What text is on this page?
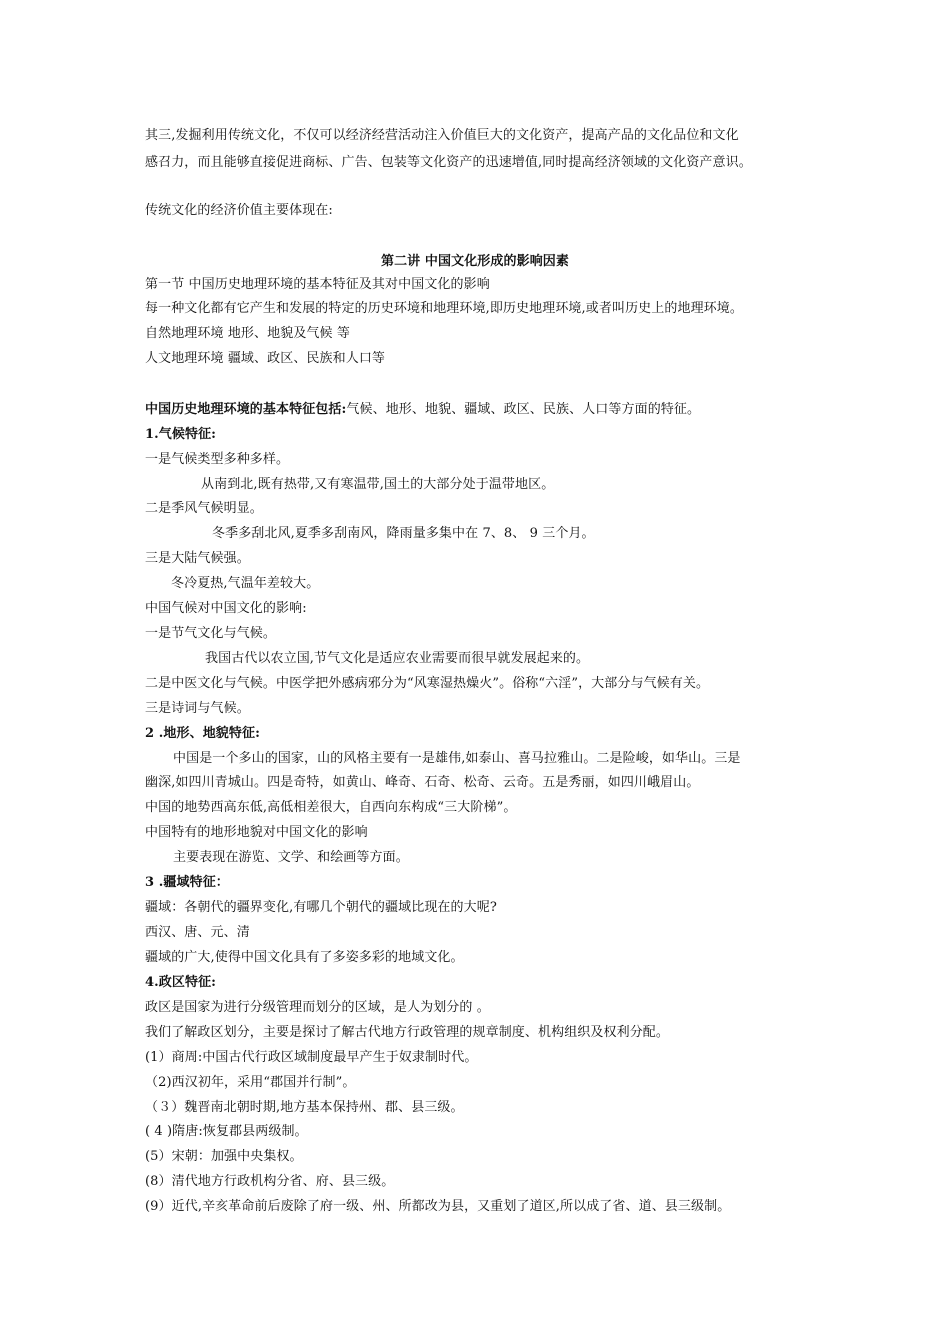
其三,发掘利用传统文化，不仅可以经济经营活动注入价值巨大的文化资产，提高产品的文化品位和文化
感召力，而且能够直接促进商标、广告、包装等文化资产的迅速增值,同时提高经济领域的文化资产意识。
传统文化的经济价值主要体现在:
第二讲 中国文化形成的影响因素
第一节 中国历史地理环境的基本特征及其对中国文化的影响
每一种文化都有它产生和发展的特定的历史环境和地理环境,即历史地理环境,或者叫历史上的地理环境。
自然地理环境 地形、地貌及气候 等
人文地理环境 疆域、政区、民族和人口等
中国历史地理环境的基本特征包括:气候、地形、地貌、疆域、政区、民族、人口等方面的特征。
1.气候特征:
一是气候类型多种多样。
从南到北,既有热带,又有寒温带,国土的大部分处于温带地区。
二是季风气候明显。
冬季多刮北风,夏季多刮南风，降雨量多集中在 7、8、 9 三个月。
三是大陆气候强。
冬冷夏热,气温年差较大。
中国气候对中国文化的影响:
一是节气文化与气候。
我国古代以农立国,节气文化是适应农业需要而很早就发展起来的。
二是中医文化与气候。中医学把外感病邪分为“风寒湿热燥火”。俗称“六淫”，大部分与气候有关。
三是诗词与气候。
2 .地形、地貌特征:
中国是一个多山的国家，山的风格主要有一是雄伟,如泰山、喜马拉雅山。二是险峻，如华山。三是
幽深,如四川青城山。四是奇特，如黄山、峰奇、石奇、松奇、云奇。五是秀丽，如四川峨眉山。
中国的地势西高东低,高低相差很大，自西向东构成“三大阶梯”。
中国特有的地形地貌对中国文化的影响
主要表现在游览、文学、和绘画等方面。
3 .疆域特征：
疆域：各朝代的疆界变化,有哪几个朝代的疆域比现在的大呢?
西汉、唐、元、清
疆域的广大,使得中国文化具有了多姿多彩的地域文化。
4.政区特征:
政区是国家为进行分级管理而划分的区域，是人为划分的 。
我们了解政区划分，主要是探讨了解古代地方行政管理的规章制度、机构组织及权利分配。
(1）商周:中国古代行政区域制度最早产生于奴隶制时代。
（2)西汉初年，采用“郡国并行制”。
（３）魏晋南北朝时期,地方基本保持州、郡、县三级。
( 4 )隋唐:恢复郡县两级制。
(5）宋朝：加强中央集权。
(8）清代地方行政机构分省、府、县三级。
(9）近代,辛亥革命前后废除了府一级、州、所都改为县，又重划了道区,所以成了省、道、县三级制。
